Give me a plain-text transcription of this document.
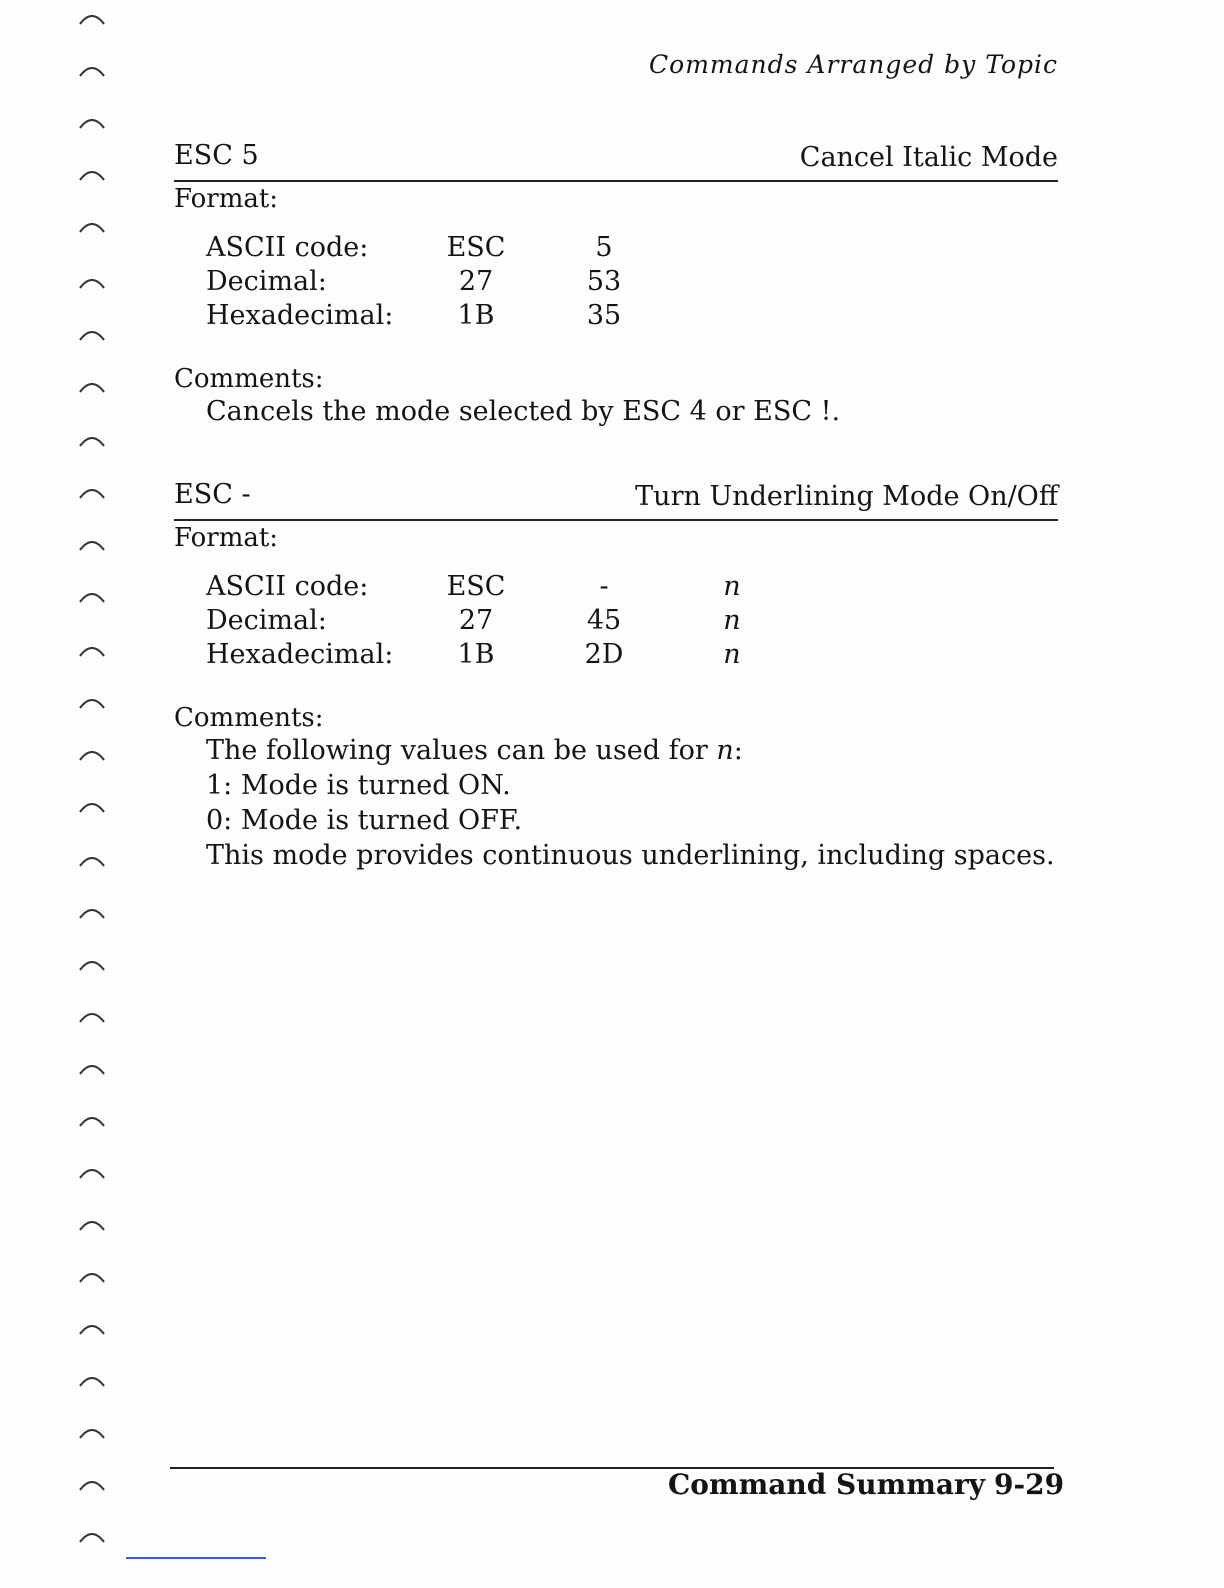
Commands Arranged by Topic
ESC 5	Cancel Italic Mode
Format:
ASCII code:	ESC	5
Decimal:	27	53
Hexadecimal:	1B	35
Comments:
Cancels the mode selected by ESC 4 or ESC !.
ESC -	Turn Underlining Mode On/Off
Format:
ASCII code:	ESC	-	n
Decimal:	27	45	n
Hexadecimal:	1B	2D	n
Comments:
The following values can be used for n:
1: Mode is turned ON.
0: Mode is turned OFF.
This mode provides continuous underlining, including spaces.
Command Summary 9-29
